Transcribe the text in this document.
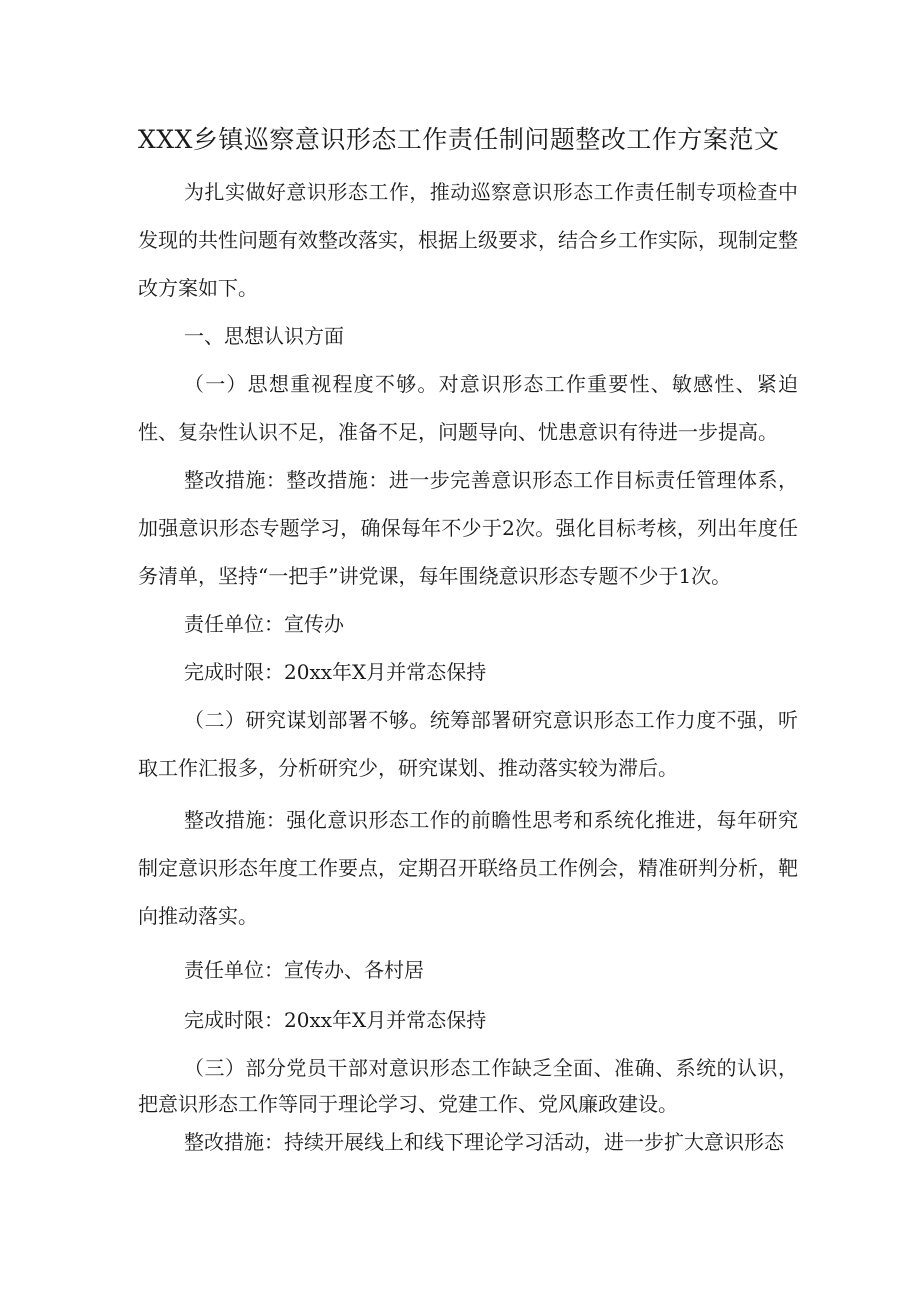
XXX乡镇巡察意识形态工作责任制问题整改工作方案范文

为扎实做好意识形态工作，推动巡察意识形态工作责任制专项检查中发现的共性问题有效整改落实，根据上级要求，结合乡工作实际，现制定整改方案如下。

一、思想认识方面

（一）思想重视程度不够。对意识形态工作重要性、敏感性、紧迫性、复杂性认识不足，准备不足，问题导向、忧患意识有待进一步提高。

整改措施：整改措施：进一步完善意识形态工作目标责任管理体系，加强意识形态专题学习，确保每年不少于2次。强化目标考核，列出年度任务清单，坚持“一把手”讲党课，每年围绕意识形态专题不少于1次。

责任单位：宣传办

完成时限：20xx年X月并常态保持

（二）研究谋划部署不够。统筹部署研究意识形态工作力度不强，听取工作汇报多，分析研究少，研究谋划、推动落实较为滞后。

整改措施：强化意识形态工作的前瞻性思考和系统化推进，每年研究制定意识形态年度工作要点，定期召开联络员工作例会，精准研判分析，靶向推动落实。

责任单位：宣传办、各村居

完成时限：20xx年X月并常态保持

（三）部分党员干部对意识形态工作缺乏全面、准确、系统的认识，把意识形态工作等同于理论学习、党建工作、党风廉政建设。

整改措施：持续开展线上和线下理论学习活动，进一步扩大意识形态
